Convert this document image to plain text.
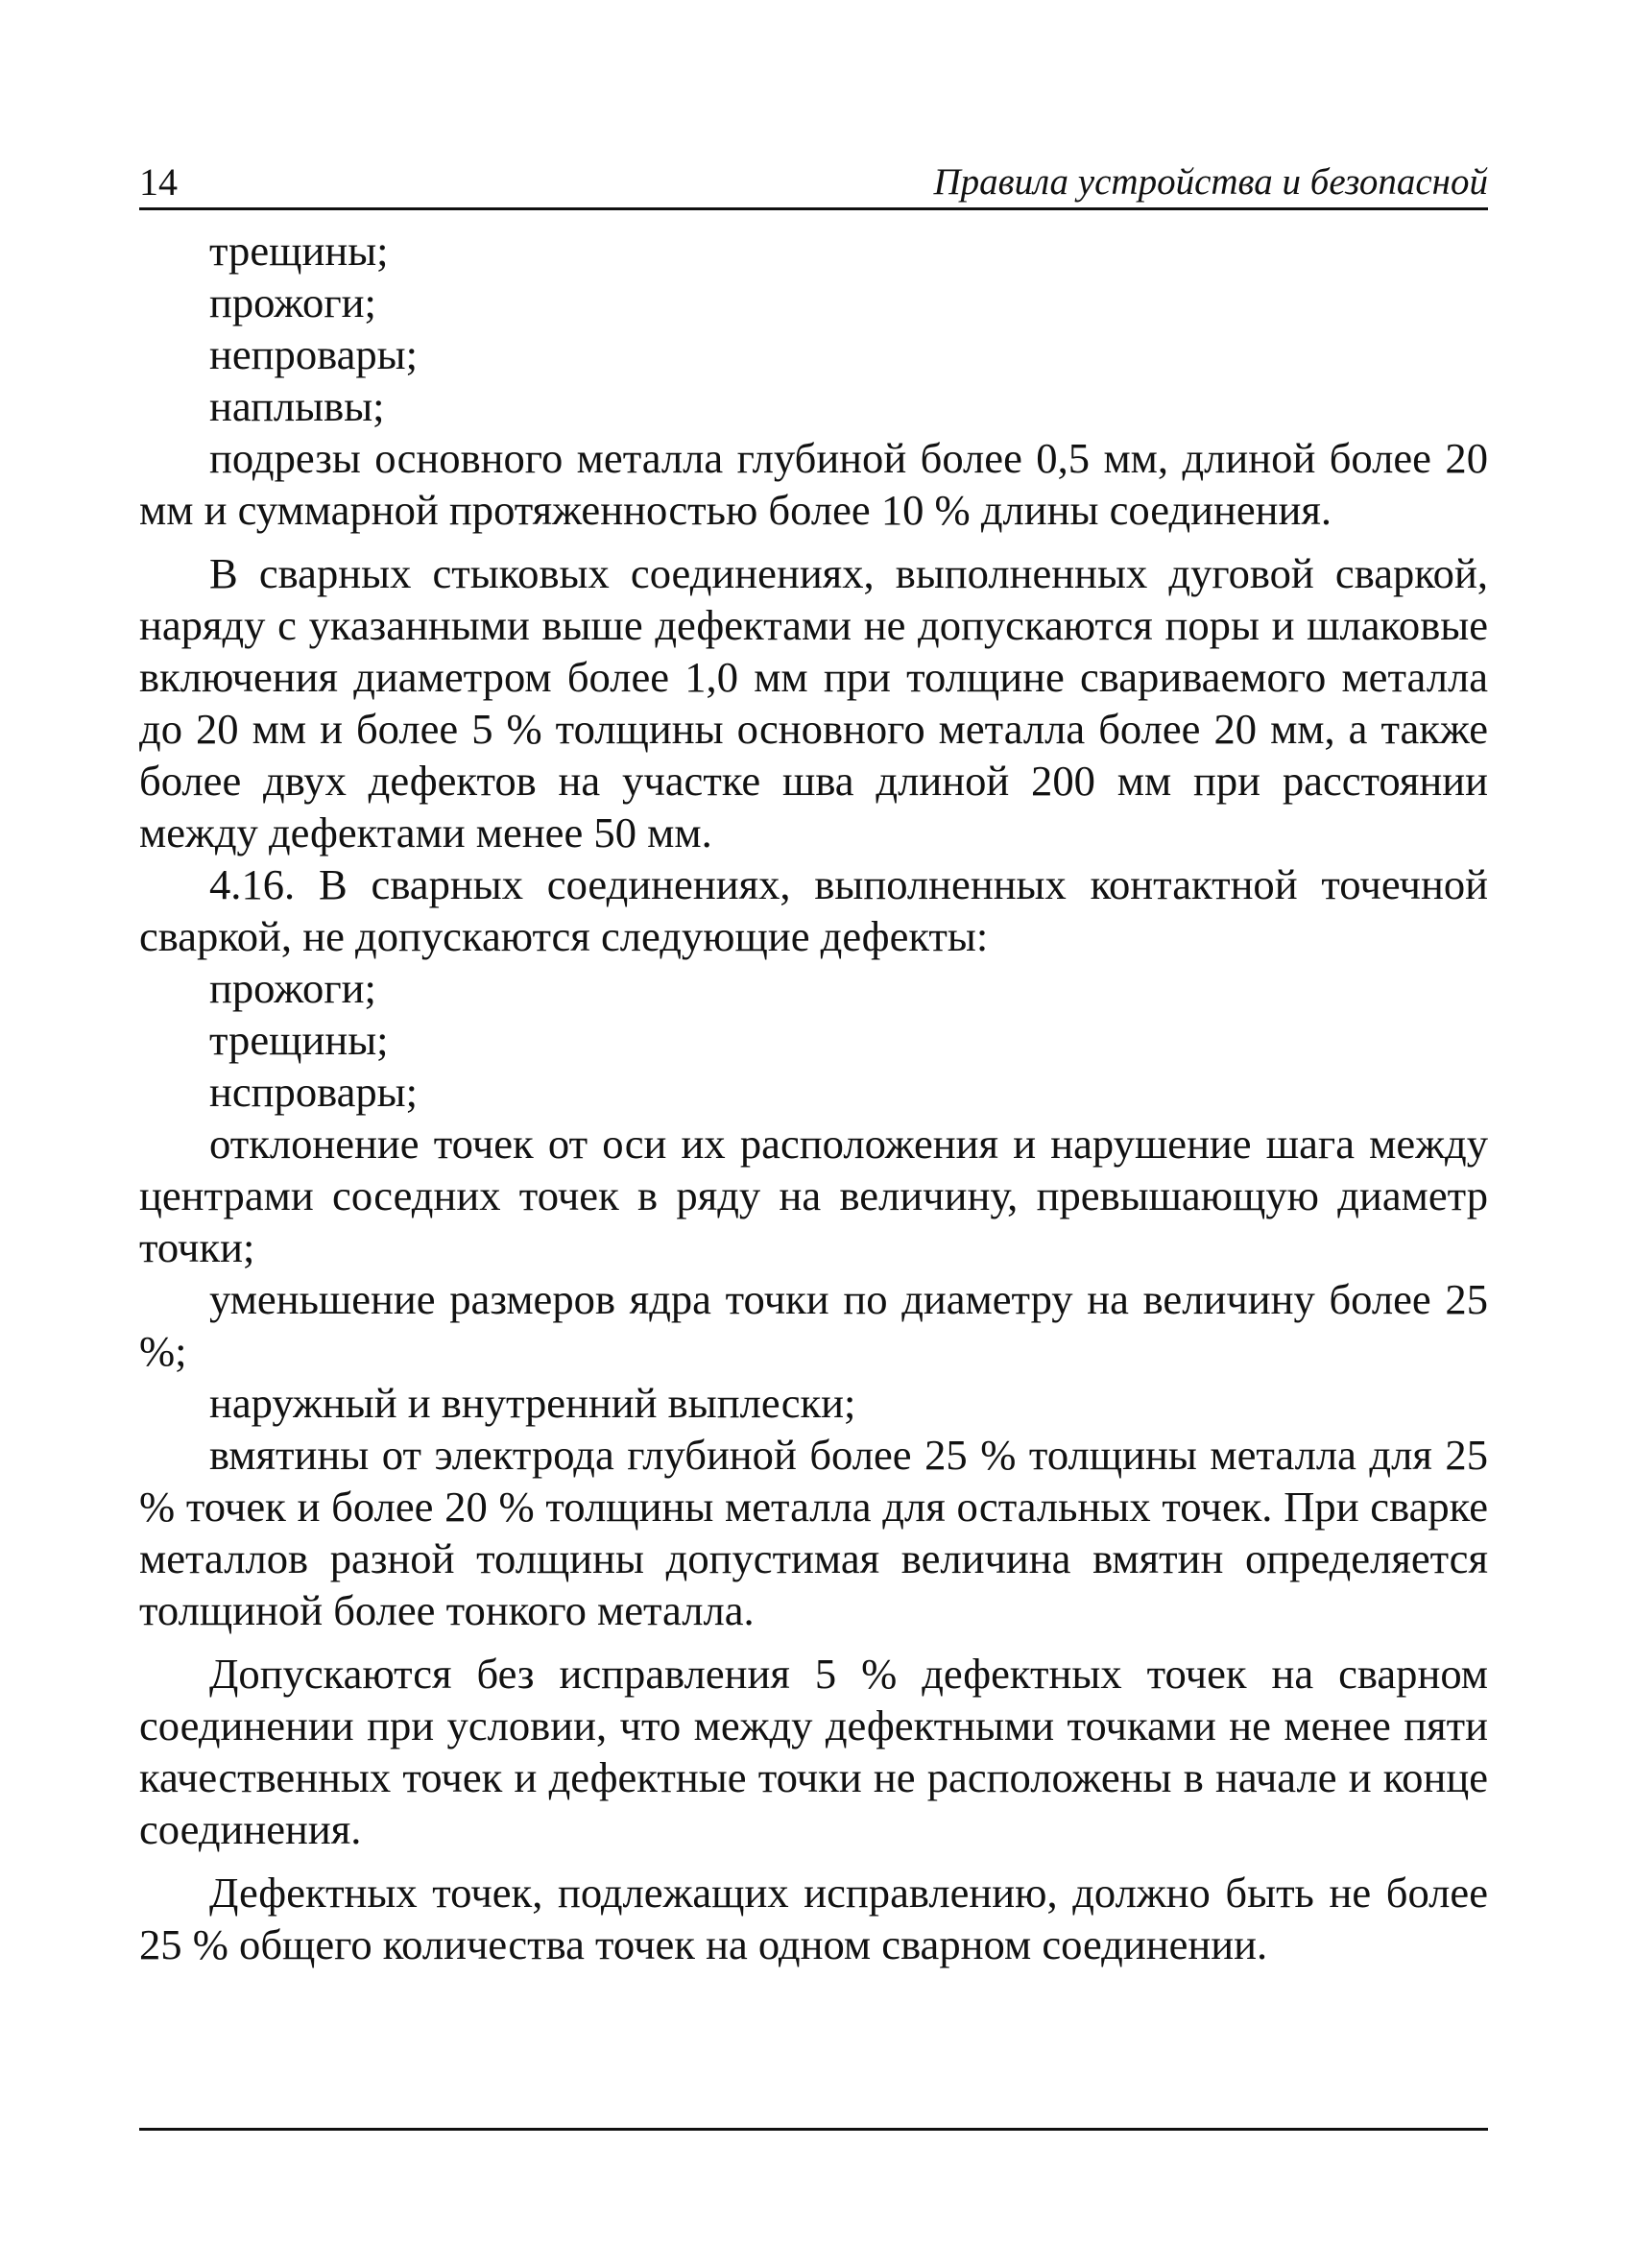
14	Правила устройства и безопасной

трещины;

прожоги;

непровары;

наплывы;

подрезы основного металла глубиной более 0,5 мм, длиной более 20 мм и суммарной протяженностью более 10 % длины соединения.

В сварных стыковых соединениях, выполненных дуговой сваркой, наряду с указанными выше дефектами не допускаются поры и шлаковые включения диаметром более 1,0 мм при толщине свариваемого металла до 20 мм и более 5 % толщины основного металла более 20 мм, а также более двух дефектов на участке шва длиной 200 мм при расстоянии между дефектами менее 50 мм.

4.16. В сварных соединениях, выполненных контактной точечной сваркой, не допускаются следующие дефекты:

прожоги;

трещины;

нспровары;

отклонение точек от оси их расположения и нарушение шага между центрами соседних точек в ряду на величину, превышающую диаметр точки;

уменьшение размеров ядра точки по диаметру на величину более 25 %;

наружный и внутренний выплески;

вмятины от электрода глубиной более 25 % толщины металла для 25 % точек и более 20 % толщины металла для остальных точек. При сварке металлов разной толщины допустимая величина вмятин определяется толщиной более тонкого металла.

Допускаются без исправления 5 % дефектных точек на сварном соединении при условии, что между дефектными точками не менее пяти качественных точек и дефектные точки не расположены в начале и конце соединения.

Дефектных точек, подлежащих исправлению, должно быть не более 25 % общего количества точек на одном сварном соединении.
